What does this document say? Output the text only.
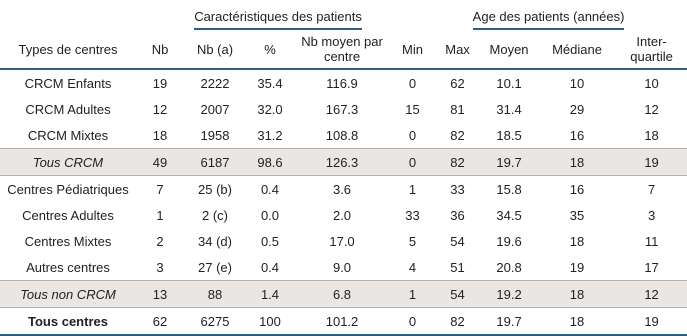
		Caractéristiques des patients			Age des patients (années)				
Types de centres	Nb	Nb (a)	%	Nb moyen par centre	Min	Max	Moyen	Médiane	Inter-quartile
CRCM Enfants	19	2222	35.4	116.9	0	62	10.1	10	10
CRCM Adultes	12	2007	32.0	167.3	15	81	31.4	29	12
CRCM Mixtes	18	1958	31.2	108.8	0	82	18.5	16	18
Tous CRCM	49	6187	98.6	126.3	0	82	19.7	18	19
Centres Pédiatriques	7	25 (b)	0.4	3.6	1	33	15.8	16	7
Centres Adultes	1	2 (c)	0.0	2.0	33	36	34.5	35	3
Centres Mixtes	2	34 (d)	0.5	17.0	5	54	19.6	18	11
Autres centres	3	27 (e)	0.4	9.0	4	51	20.8	19	17
Tous non CRCM	13	88	1.4	6.8	1	54	19.2	18	12
Tous centres	62	6275	100	101.2	0	82	19.7	18	19
